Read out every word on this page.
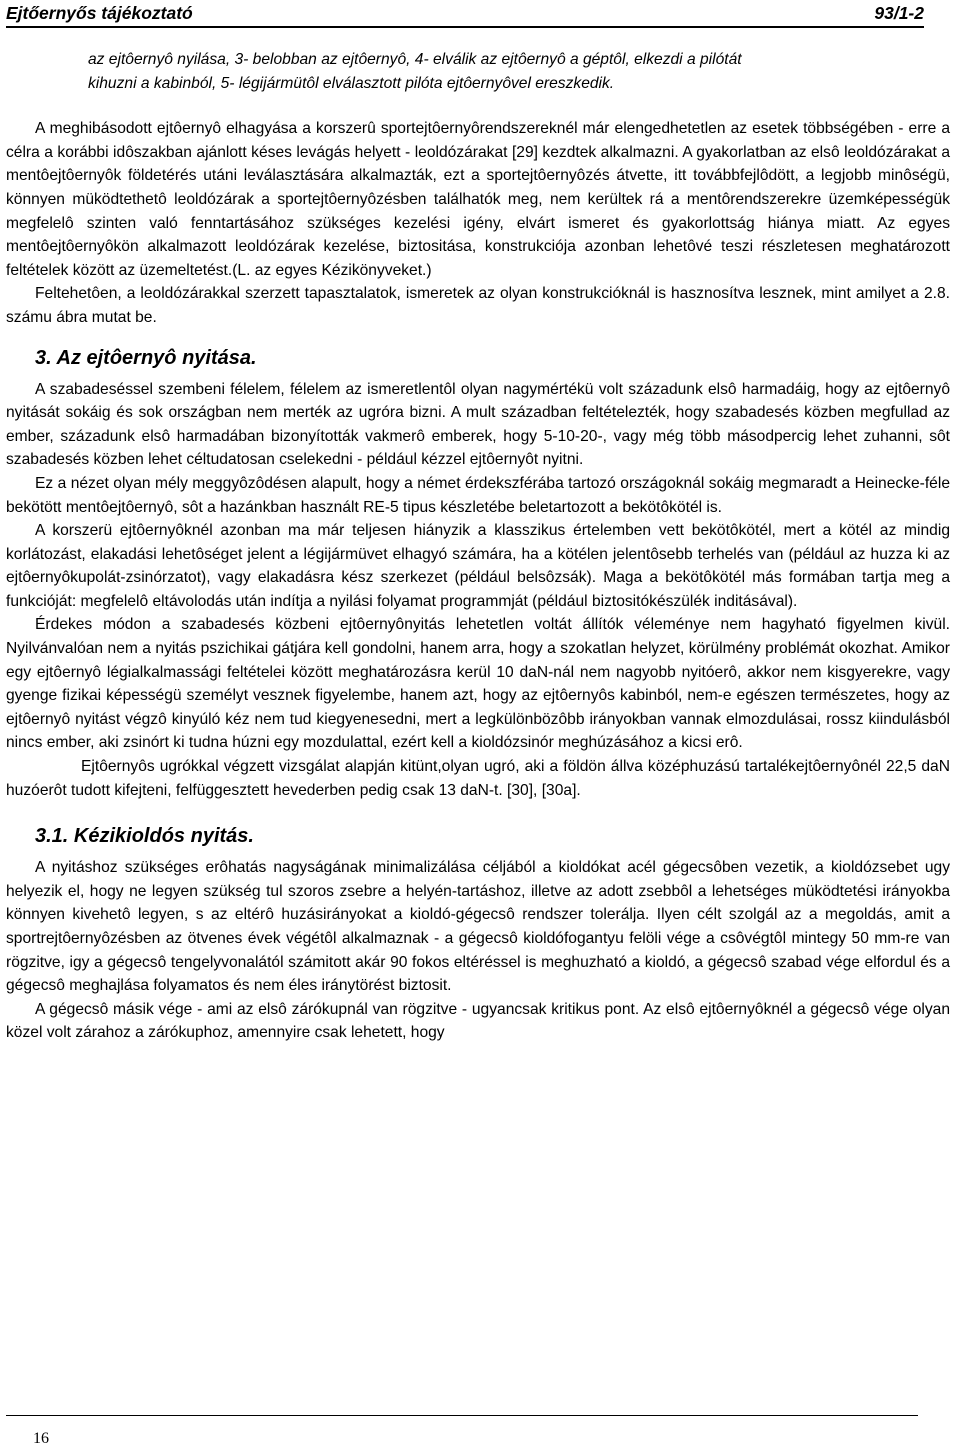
Ejtőernyős tájékoztató	93/1-2

az ejtôernyô nyilása, 3- belobban az ejtôernyô, 4- elválik az ejtôernyô a géptôl, elkezdi a pilótát
kihuzni a kabinból, 5- légijármütôl elválasztott pilóta ejtôernyôvel ereszkedik.

A meghibásodott ejtôernyô elhagyása a korszerû sportejtôernyôrendszereknél már elengedhetetlen az esetek többségében - erre a célra a korábbi idôszakban ajánlott késes levágás helyett - leoldózárakat [29] kezdtek alkalmazni. A gyakorlatban az elsô leoldózárakat a mentôejtôernyôk földetérés utáni leválasztására alkalmazták, ezt a sportejtôernyôzés átvette, itt továbbfejlôdött, a legjobb minôségü, könnyen müködtethetô leoldózárak a sportejtôernyôzésben találhatók meg, nem kerültek rá a mentôrendszerekre üzemképességük megfelelô szinten való fenntartásához szükséges kezelési igény, elvárt ismeret és gyakorlottság hiánya miatt. Az egyes mentôejtôernyôkön alkalmazott leoldózárak kezelése, biztositása, konstrukciója azonban lehetôvé teszi részletesen meghatározott feltételek között az üzemeltetést.(L. az egyes Kézikönyveket.)

Feltehetôen, a leoldózárakkal szerzett tapasztalatok, ismeretek az olyan konstrukcióknál is hasznosítva lesznek, mint amilyet a 2.8. számu ábra mutat be.

3. Az ejtôernyô nyitása.

A szabadeséssel szembeni félelem, félelem az ismeretlentôl olyan nagymértékü volt századunk elsô harmadáig, hogy az ejtôernyô nyitását sokáig és sok országban nem merték az ugróra bizni. A mult században feltételezték, hogy szabadesés közben megfullad az ember, századunk elsô harmadában bizonyították vakmerô emberek, hogy 5-10-20-, vagy még több másodpercig lehet zuhanni, sôt szabadesés közben lehet céltudatosan cselekedni - például kézzel ejtôernyôt nyitni.

Ez a nézet olyan mély meggyôzôdésen alapult, hogy a német érdekszférába tartozó országoknál sokáig megmaradt a Heinecke-féle bekötött mentôejtôernyô, sôt a hazánkban használt RE-5 tipus készletébe beletartozott a bekötôkötél is.

A korszerü ejtôernyôknél azonban ma már teljesen hiányzik a klasszikus értelemben vett bekötôkötél, mert a kötél az mindig korlátozást, elakadási lehetôséget jelent a légijármüvet elhagyó számára, ha a kötélen jelentôsebb terhelés van (például az huzza ki az ejtôernyôkupolát-zsinórzatot), vagy elakadásra kész szerkezet (például belsôzsák). Maga a bekötôkötél más formában tartja meg a funkcióját: megfelelô eltávolodás után indítja a nyilási folyamat programmját (például biztositókészülék inditásával).

Érdekes módon a szabadesés közbeni ejtôernyônyitás lehetetlen voltát állítók véleménye nem hagyható figyelmen kivül. Nyilvánvalóan nem a nyitás pszichikai gátjára kell gondolni, hanem arra, hogy a szokatlan helyzet, körülmény problémát okozhat. Amikor egy ejtôernyô légialkalmassági feltételei között meghatározásra kerül 10 daN-nál nem nagyobb nyitóerô, akkor nem kisgyerekre, vagy gyenge fizikai képességü személyt vesznek figyelembe, hanem azt, hogy az ejtôernyôs kabinból, nem-e egészen természetes, hogy az ejtôernyô nyitást végzô kinyúló kéz nem tud kiegyenesedni, mert a legkülönbözôbb irányokban vannak elmozdulásai, rossz kiindulásból nincs ember, aki zsinórt ki tudna húzni egy mozdulattal, ezért kell a kioldózsinór meghúzásához a kicsi erô.

Ejtôernyôs ugrókkal végzett vizsgálat alapján kitünt,olyan ugró, aki a földön állva középhuzású tartalékejtôernyônél 22,5 daN huzóerôt tudott kifejteni, felfüggesztett hevederben pedig csak 13 daN-t. [30], [30a].

3.1. Kézikioldós nyitás.

A nyitáshoz szükséges erôhatás nagyságának minimalizálása céljából a kioldókat acél gégecsôben vezetik, a kioldózsebet ugy helyezik el, hogy ne legyen szükség tul szoros zsebre a helyén-tartáshoz, illetve az adott zsebbôl a lehetséges müködtetési irányokba könnyen kivehetô legyen, s az eltérô huzásirányokat a kioldó-gégecsô rendszer tolerálja. Ilyen célt szolgál az a megoldás, amit a sportrejtôernyôzésben az ötvenes évek végétôl alkalmaznak - a gégecsô kioldófogantyu felöli vége a csôvégtôl mintegy 50 mm-re van rögzitve, igy a gégecsô tengelyvonalától számitott akár 90 fokos eltéréssel is meghuzható a kioldó, a gégecsô szabad vége elfordul és a gégecsô meghajlása folyamatos és nem éles iránytörést biztosit.

A gégecsô másik vége - ami az elsô zárókupnál van rögzitve - ugyancsak kritikus pont. Az elsô ejtôernyôknél a gégecsô vége olyan közel volt zárahoz a zárókuphoz, amennyire csak lehetett, hogy

16
